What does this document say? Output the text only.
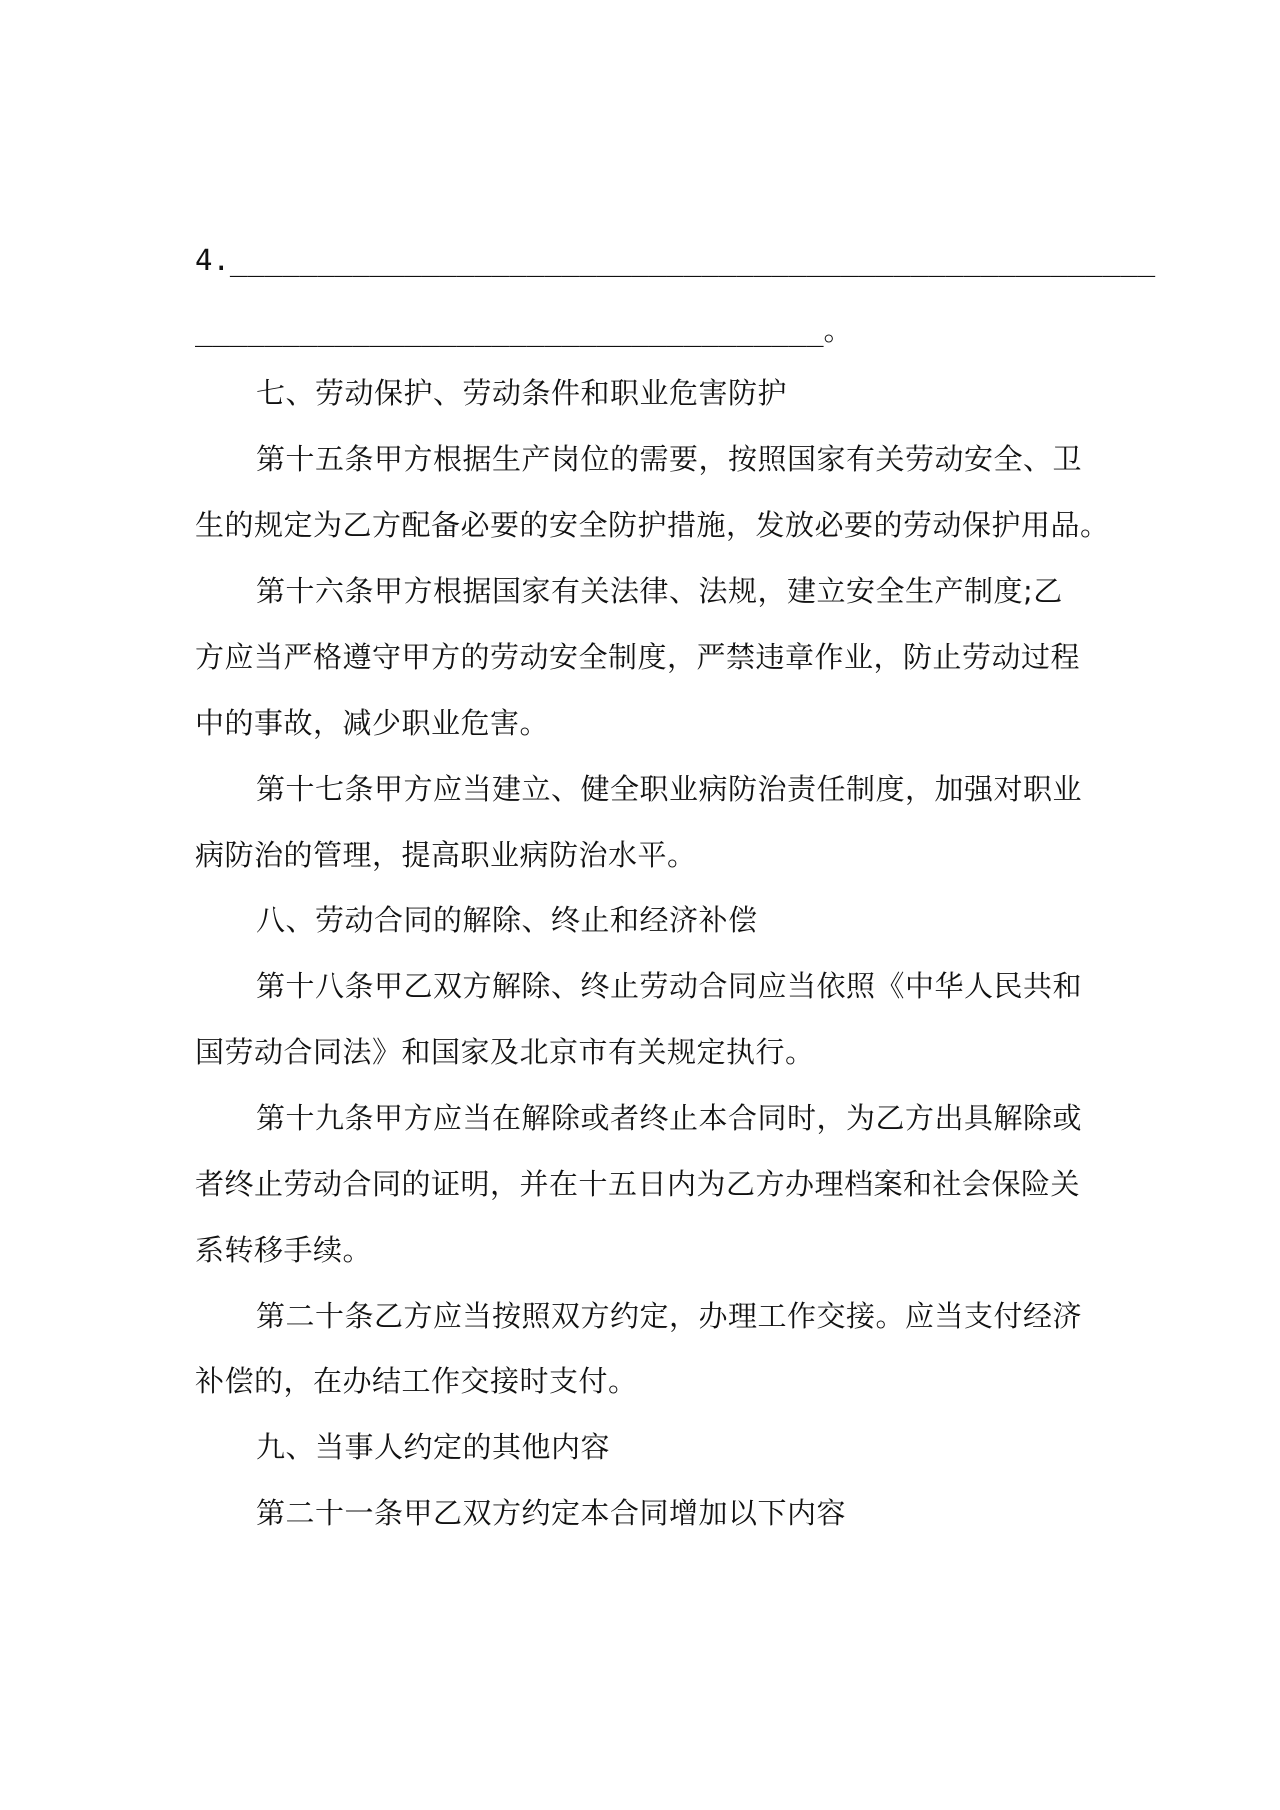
4._____________________________________________________
____________________________________。
七、劳动保护、劳动条件和职业危害防护
第十五条甲方根据生产岗位的需要，按照国家有关劳动安全、卫
生的规定为乙方配备必要的安全防护措施，发放必要的劳动保护用品。
第十六条甲方根据国家有关法律、法规，建立安全生产制度;乙
方应当严格遵守甲方的劳动安全制度，严禁违章作业，防止劳动过程
中的事故，减少职业危害。
第十七条甲方应当建立、健全职业病防治责任制度，加强对职业
病防治的管理，提高职业病防治水平。
八、劳动合同的解除、终止和经济补偿
第十八条甲乙双方解除、终止劳动合同应当依照《中华人民共和
国劳动合同法》和国家及北京市有关规定执行。
第十九条甲方应当在解除或者终止本合同时，为乙方出具解除或
者终止劳动合同的证明，并在十五日内为乙方办理档案和社会保险关
系转移手续。
第二十条乙方应当按照双方约定，办理工作交接。应当支付经济
补偿的，在办结工作交接时支付。
九、当事人约定的其他内容
第二十一条甲乙双方约定本合同增加以下内容
